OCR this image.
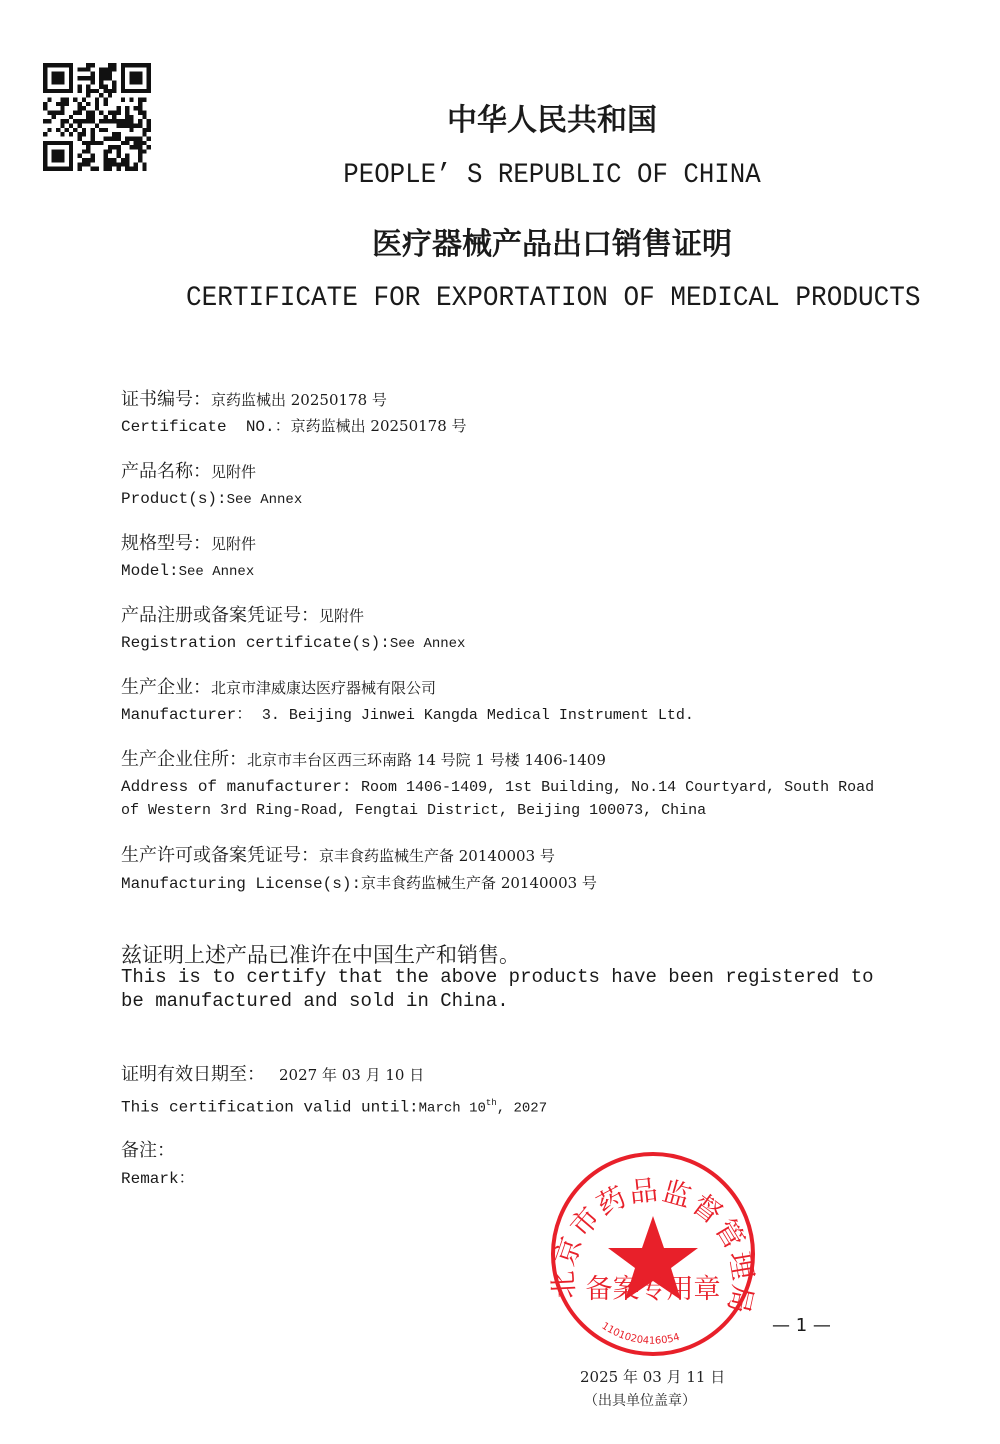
中华人民共和国
PEOPLE’ S REPUBLIC OF CHINA
医疗器械产品出口销售证明
CERTIFICATE FOR EXPORTATION OF MEDICAL PRODUCTS
证书编号：京药监械出 20250178 号
Certificate  NO.：京药监械出 20250178 号
产品名称：见附件
Product(s):See Annex
规格型号：见附件
Model:See Annex
产品注册或备案凭证号：见附件
Registration certificate(s):See Annex
生产企业：北京市津威康达医疗器械有限公司
Manufacturer： 3. Beijing Jinwei Kangda Medical Instrument Ltd.
生产企业住所：北京市丰台区西三环南路 14 号院 1 号楼 1406-1409
Address of manufacturer: Room 1406-1409, 1st Building, No.14 Courtyard, South Road
of Western 3rd Ring-Road, Fengtai District, Beijing 100073, China
生产许可或备案凭证号：京丰食药监械生产备 20140003 号
Manufacturing License(s):京丰食药监械生产备 20140003 号
兹证明上述产品已准许在中国生产和销售。
This is to certify that the above products have been registered to
be manufactured and sold in China.
证明有效日期至： 2027 年 03 月 10 日
This certification valid until:March 10th, 2027
备注：
Remark：
北京市药品监督管理局
备案专用章
1101020416054
2025 年 03 月 11 日
（出具单位盖章）
— 1 —
